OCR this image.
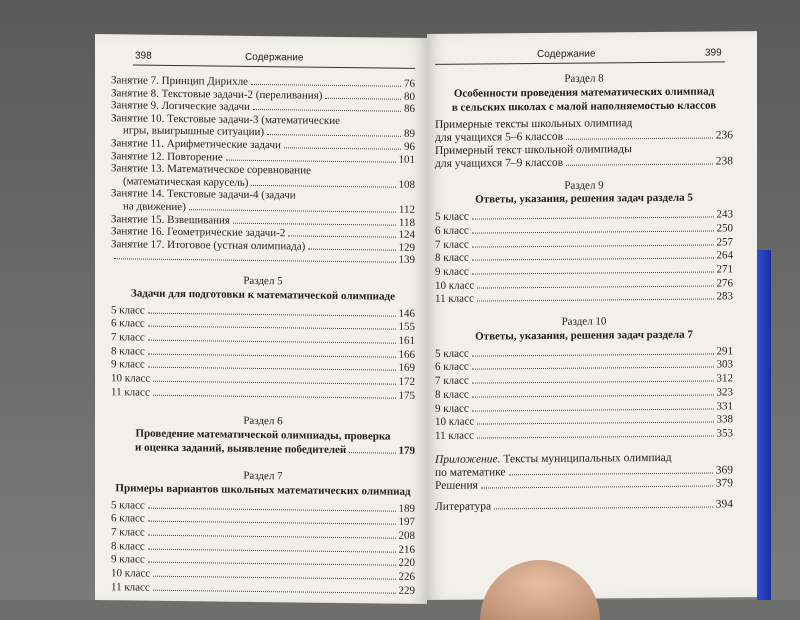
398	Содержание
Занятие 7. Принцип Дирихле	76
Занятие 8. Текстовые задачи-2 (переливания)	80
Занятие 9. Логические задачи	86
Занятие 10. Текстовые задачи-3 (математические
игры, выигрышные ситуации)	89
Занятие 11. Арифметические задачи	96
Занятие 12. Повторение	101
Занятие 13. Математическое соревнование
(математическая карусель)	108
Занятие 14. Текстовые задачи-4 (задачи
на движение)	112
Занятие 15. Взвешивания	118
Занятие 16. Геометрические задачи-2	124
Занятие 17. Итоговое (устная олимпиада)	129
139
Раздел 5
Задачи для подготовки к математической олимпиаде
5 класс	146
6 класс	155
7 класс	161
8 класс	166
9 класс	169
10 класс	172
11 класс	175
Раздел 6
Проведение математической олимпиады, проверка
и оценка заданий, выявление победителей	179
Раздел 7
Примеры вариантов школьных математических олимпиад
5 класс	189
6 класс	197
7 класс	208
8 класс	216
9 класс	220
10 класс	226
11 класс	229
Содержание	399
Раздел 8
Особенности проведения математических олимпиад
в сельских школах с малой наполняемостью классов
Примерные тексты школьных олимпиад
для учащихся 5–6 классов	236
Примерный текст школьной олимпиады
для учащихся 7–9 классов	238
Раздел 9
Ответы, указания, решения задач раздела 5
5 класс	243
6 класс	250
7 класс	257
8 класс	264
9 класс	271
10 класс	276
11 класс	283
Раздел 10
Ответы, указания, решения задач раздела 7
5 класс	291
6 класс	303
7 класс	312
8 класс	323
9 класс	331
10 класс	338
11 класс	353
Приложение. Тексты муниципальных олимпиад
по математике	369
Решения	379
Литература	394
